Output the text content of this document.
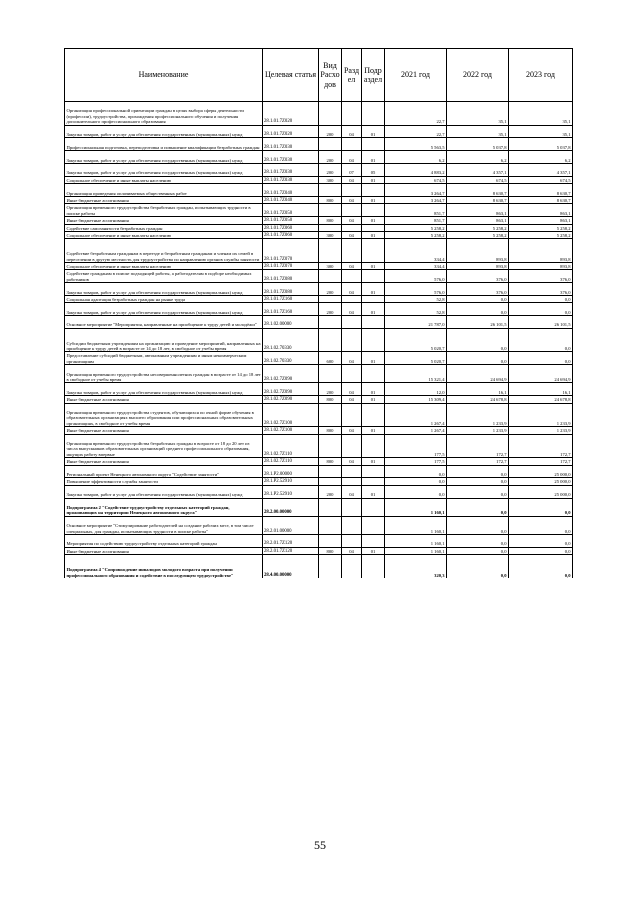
Наименование	Целевая статья	Вид Расхо дов	Разд ел	Подр аздел	2021 год	2022 год	2023 год
Организация профессиональной ориентации граждан в целях выбора сферы деятельности (профессии), трудоустройства, прохождения профессионального обучения и получения дополнительного профессионального образования	28.1.01.7Z020				22,7	35,1	35,1
Закупка товаров, работ и услуг для обеспечения государственных (муниципальных) нужд	28.1.01.7Z020	200	04	01	22,7	35,1	35,1
Профессиональная подготовка, переподготовка и повышение квалификации безработных граждан	28.1.01.7Z030				5 563,5	5 037,8	5 037,8
Закупка товаров, работ и услуг для обеспечения государственных (муниципальных) нужд	28.1.01.7Z030	200	04	01	6,2	6,2	6,2
Закупка товаров, работ и услуг для обеспечения государственных (муниципальных) нужд	28.1.01.7Z030	200	07	05	4 883,2	4 357,1	4 357,1
Социальное обеспечение и иные выплаты населению	28.1.01.7Z030	300	04	01	674,5	674,5	674,5
Организация проведения оплачиваемых общественных работ	28.1.01.7Z040				3 264,7	8 630,7	8 630,7
Иные бюджетные ассигнования	28.1.01.7Z040	800	04	01	3 264,7	8 630,7	8 630,7
Организация временного трудоустройства безработных граждан, испытывающих трудности в поиске работы	28.1.01.7Z050				851,7	863,1	863,1
Иные бюджетные ассигнования	28.1.01.7Z050	800	04	01	851,7	863,1	863,1
Содействие самозанятости безработных граждан	28.1.01.7Z060				5 258,2	5 258,2	5 258,2
Социальное обеспечение и иные выплаты населению	28.1.01.7Z060	300	04	01	5 258,2	5 258,2	5 258,2
Содействие безработным гражданам в переезде и безработным гражданам и членам их семей в переселении в другую местность для трудоустройства по направлению органов службы занятости	28.1.01.7Z070				334,4	893,8	893,8
Социальное обеспечение и иные выплаты населению	28.1.01.7Z070	300	04	01	334,4	893,8	893,8
Содействие гражданам в поиске подходящей работы, а работодателям в подборе необходимых работников	28.1.01.7Z080				576,0	376,0	376,0
Закупка товаров, работ и услуг для обеспечения государственных (муниципальных) нужд	28.1.01.7Z080	200	04	01	576,0	376,0	376,0
Социальная адаптация безработных граждан на рынке труда	28.1.01.7Z160				52,8	0,0	0,0
Закупка товаров, работ и услуг для обеспечения государственных (муниципальных) нужд	28.1.01.7Z160	200	04	01	52,8	0,0	0,0
Основное мероприятие "Мероприятия, направленные на приобщение к труду детей и молодёжи"	28.1.02.00000				21 787,0	26 101,5	26 101,5
Субсидии бюджетным учреждениям на организацию и проведение мероприятий, направленных на приобщение к труду детей в возрасте от 14 до 18 лет, в свободное от учебы время	28.1.02.70330				5 020,7	0,0	0,0
Предоставление субсидий бюджетным, автономным учреждениям и иным некоммерческим организациям	28.1.02.70330	600	04	01	5 020,7	0,0	0,0
Организация временного трудоустройства несовершеннолетних граждан в возрасте от 14 до 18 лет в свободное от учебы время	28.1.02.7Z090				15 321,4	24 694,9	24 694,9
Закупка товаров, работ и услуг для обеспечения государственных (муниципальных) нужд	28.1.02.7Z090	200	04	01	12,0	16,1	16,1
Иные бюджетные ассигнования	28.1.02.7Z090	800	04	01	15 309,4	24 678,8	24 678,8
Организация временного трудоустройства студентов, обучающихся по очной форме обучения в образовательных организациях высшего образования или профессиональных образовательных организациях, в свободное от учебы время	28.1.02.7Z100				1 267,4	1 233,9	1 233,9
Иные бюджетные ассигнования	28.1.02.7Z100	800	04	01	1 267,4	1 233,9	1 233,9
Организация временного трудоустройства безработных граждан в возрасте от 18 до 20 лет из числа выпускников образовательных организаций среднего профессионального образования, ищущих работу впервые	28.1.02.7Z110				177,5	172,7	172,7
Иные бюджетные ассигнования	28.1.02.7Z110	800	04	01	177,5	172,7	172,7
Региональный проект Ненецкого автономного округа "Содействие занятости"	28.1.P2.00000				0,0	0,0	25 000,0
Повышение эффективности службы занятости	28.1.P2.52910				0,0	0,0	25 000,0
Закупка товаров, работ и услуг для обеспечения государственных (муниципальных) нужд	28.1.P2.52910	200	04	01	0,0	0,0	25 000,0
Подпрограмма 2 "Содействие трудоустройству отдельных категорий граждан, проживающих на территории Ненецкого автономного округа"	28.2.00.00000				1 160,1	0,0	0,0
Основное мероприятие "Стимулирование работодателей на создание рабочих мест, в том числе специальных, для граждан, испытывающих трудности в поиске работы"	28.2.01.00000				1 160,1	0,0	0,0
Мероприятия по содействию трудоустройству отдельных категорий граждан	28.2.01.7Z120				1 160,1	0,0	0,0
Иные бюджетные ассигнования	28.2.01.7Z120	800	04	01	1 160,1	0,0	0,0
Подпрограмма 4 "Сопровождение инвалидов молодого возраста при получении профессионального образования и содействие в последующем трудоустройстве"	28.4.00.00000				320,3	0,0	0,0
55
